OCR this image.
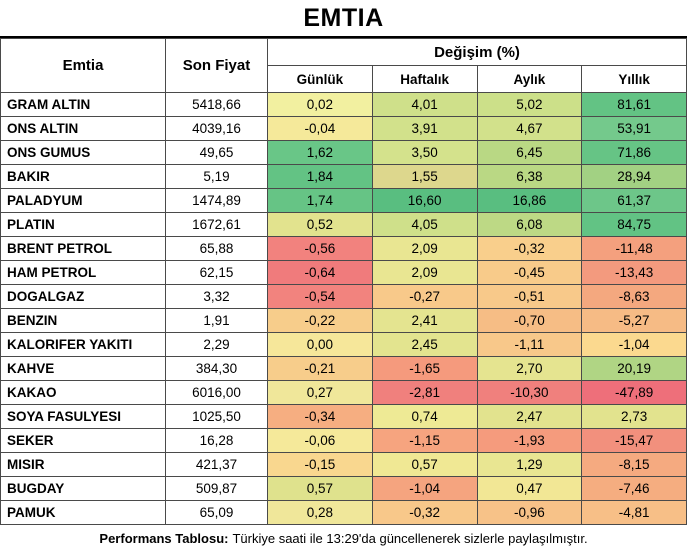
EMTIA
Emtia	Son Fiyat	Değişim (%)			
		Günlük	Haftalık	Aylık	Yıllık
GRAM ALTIN	5418,66	0,02	4,01	5,02	81,61
ONS ALTIN	4039,16	-0,04	3,91	4,67	53,91
ONS GUMUS	49,65	1,62	3,50	6,45	71,86
BAKIR	5,19	1,84	1,55	6,38	28,94
PALADYUM	1474,89	1,74	16,60	16,86	61,37
PLATIN	1672,61	0,52	4,05	6,08	84,75
BRENT PETROL	65,88	-0,56	2,09	-0,32	-11,48
HAM PETROL	62,15	-0,64	2,09	-0,45	-13,43
DOGALGAZ	3,32	-0,54	-0,27	-0,51	-8,63
BENZIN	1,91	-0,22	2,41	-0,70	-5,27
KALORIFER YAKITI	2,29	0,00	2,45	-1,11	-1,04
KAHVE	384,30	-0,21	-1,65	2,70	20,19
KAKAO	6016,00	0,27	-2,81	-10,30	-47,89
SOYA FASULYESI	1025,50	-0,34	0,74	2,47	2,73
SEKER	16,28	-0,06	-1,15	-1,93	-15,47
MISIR	421,37	-0,15	0,57	1,29	-8,15
BUGDAY	509,87	0,57	-1,04	0,47	-7,46
PAMUK	65,09	0,28	-0,32	-0,96	-4,81
Performans Tablosu: Türkiye saati ile 13:29'da güncellenerek sizlerle paylaşılmıştır.
